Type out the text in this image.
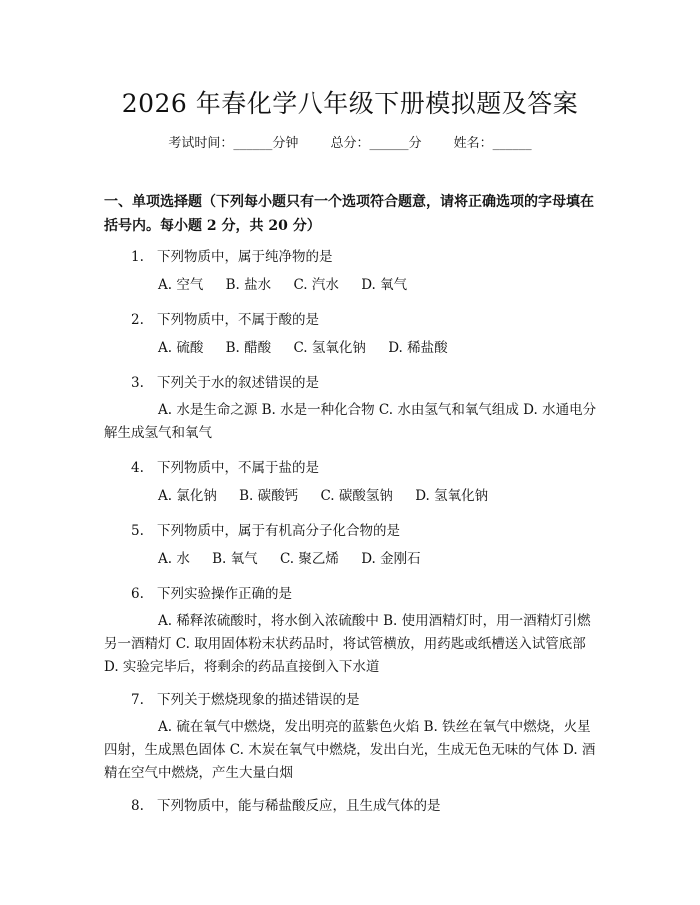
2026 年春化学八年级下册模拟题及答案
考试时间：______分钟 总分：______分 姓名：______
一、单项选择题（下列每小题只有一个选项符合题意，请将正确选项的字母填在括号内。每小题 2 分，共 20 分）
1. 下列物质中，属于纯净物的是
A. 空气 B. 盐水 C. 汽水 D. 氧气
2. 下列物质中，不属于酸的是
A. 硫酸 B. 醋酸 C. 氢氧化钠 D. 稀盐酸
3. 下列关于水的叙述错误的是
A. 水是生命之源 B. 水是一种化合物 C. 水由氢气和氧气组成 D. 水通电分解生成氢气和氧气
4. 下列物质中，不属于盐的是
A. 氯化钠 B. 碳酸钙 C. 碳酸氢钠 D. 氢氧化钠
5. 下列物质中，属于有机高分子化合物的是
A. 水 B. 氧气 C. 聚乙烯 D. 金刚石
6. 下列实验操作正确的是
A. 稀释浓硫酸时，将水倒入浓硫酸中 B. 使用酒精灯时，用一酒精灯引燃另一酒精灯 C. 取用固体粉末状药品时，将试管横放，用药匙或纸槽送入试管底部 D. 实验完毕后，将剩余的药品直接倒入下水道
7. 下列关于燃烧现象的描述错误的是
A. 硫在氧气中燃烧，发出明亮的蓝紫色火焰 B. 铁丝在氧气中燃烧，火星四射，生成黑色固体 C. 木炭在氧气中燃烧，发出白光，生成无色无味的气体 D. 酒精在空气中燃烧，产生大量白烟
8. 下列物质中，能与稀盐酸反应，且生成气体的是
